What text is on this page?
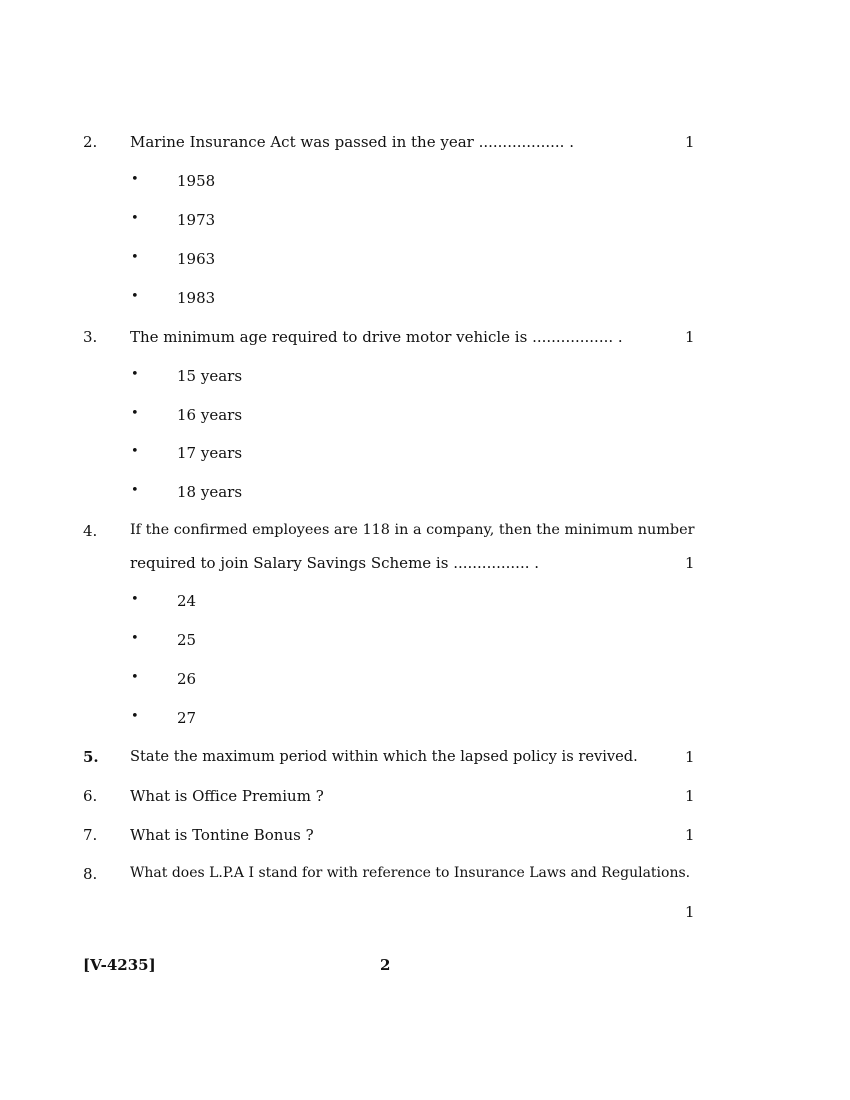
2. Marine Insurance Act was passed in the year .................. .	1
•	1958
•	1973
•	1963
•	1983
3. The minimum age required to drive motor vehicle is ................. .	1
•	15 years
•	16 years
•	17 years
•	18 years
4. If the confirmed employees are 118 in a company, then the minimum number
required to join Salary Savings Scheme is ................ .	1
•	24
•	25
•	26
•	27
5. State the maximum period within which the lapsed policy is revived.	1
6. What is Office Premium ?	1
7. What is Tontine Bonus ?	1
8. What does L.P.A I stand for with reference to Insurance Laws and Regulations.
1
[V-4235]	2
